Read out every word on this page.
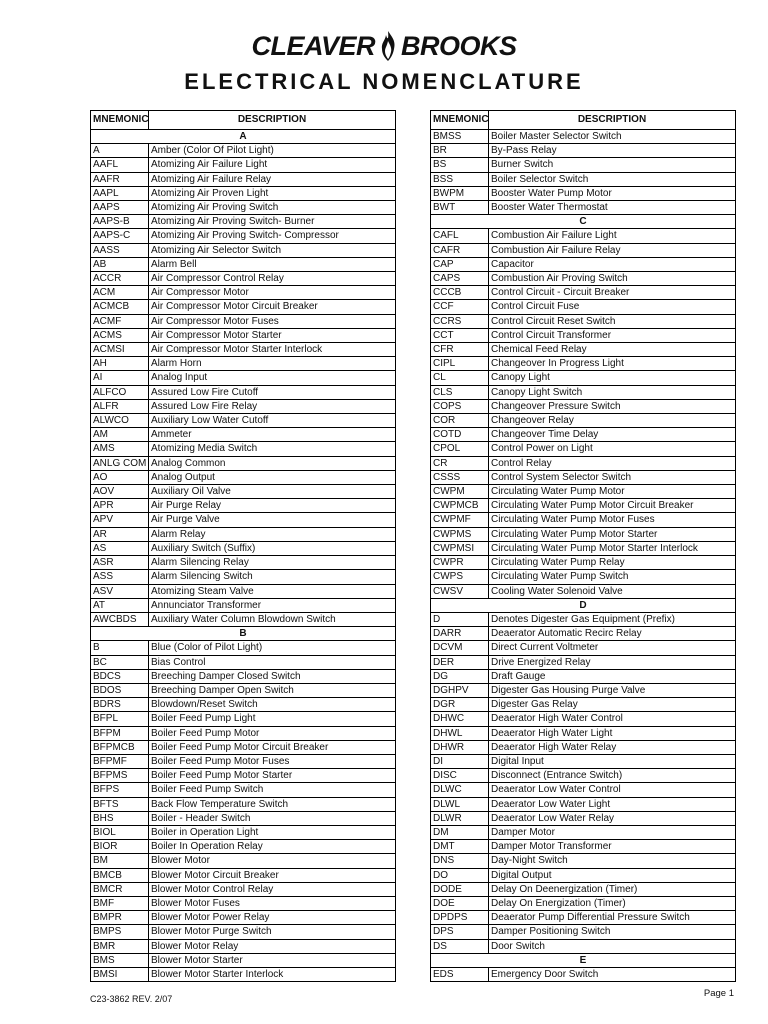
CLEAVER BROOKS
ELECTRICAL NOMENCLATURE
MNEMONIC	DESCRIPTION
A	
A	Amber (Color Of Pilot Light)
AAFL	Atomizing Air Failure Light
AAFR	Atomizing Air Failure Relay
AAPL	Atomizing Air Proven Light
AAPS	Atomizing Air Proving Switch
AAPS-B	Atomizing Air Proving Switch- Burner
AAPS-C	Atomizing Air Proving Switch- Compressor
AASS	Atomizing Air Selector Switch
AB	Alarm Bell
ACCR	Air Compressor Control Relay
ACM	Air Compressor Motor
ACMCB	Air Compressor Motor Circuit Breaker
ACMF	Air Compressor Motor Fuses
ACMS	Air Compressor Motor Starter
ACMSI	Air Compressor Motor Starter Interlock
AH	Alarm Horn
AI	Analog Input
ALFCO	Assured Low Fire Cutoff
ALFR	Assured Low Fire Relay
ALWCO	Auxiliary Low Water Cutoff
AM	Ammeter
AMS	Atomizing Media Switch
ANLG COM	Analog Common
AO	Analog Output
AOV	Auxiliary Oil Valve
APR	Air Purge Relay
APV	Air Purge Valve
AR	Alarm Relay
AS	Auxiliary Switch (Suffix)
ASR	Alarm Silencing Relay
ASS	Alarm Silencing Switch
ASV	Atomizing Steam Valve
AT	Annunciator Transformer
AWCBDS	Auxiliary Water Column Blowdown Switch
B	
B	Blue (Color of Pilot Light)
BC	Bias Control
BDCS	Breeching Damper Closed Switch
BDOS	Breeching Damper Open Switch
BDRS	Blowdown/Reset Switch
BFPL	Boiler Feed Pump Light
BFPM	Boiler Feed Pump Motor
BFPMCB	Boiler Feed Pump Motor Circuit Breaker
BFPMF	Boiler Feed Pump Motor Fuses
BFPMS	Boiler Feed Pump Motor Starter
BFPS	Boiler Feed Pump Switch
BFTS	Back Flow Temperature Switch
BHS	Boiler - Header Switch
BIOL	Boiler in Operation Light
BIOR	Boiler In Operation Relay
BM	Blower Motor
BMCB	Blower Motor Circuit Breaker
BMCR	Blower Motor Control Relay
BMF	Blower Motor Fuses
BMPR	Blower Motor Power Relay
BMPS	Blower Motor Purge Switch
BMR	Blower Motor Relay
BMS	Blower Motor Starter
BMSI	Blower Motor Starter Interlock
MNEMONIC	DESCRIPTION
BMSS	Boiler Master Selector Switch
BR	By-Pass Relay
BS	Burner Switch
BSS	Boiler Selector Switch
BWPM	Booster Water Pump Motor
BWT	Booster Water Thermostat
C	
CAFL	Combustion Air Failure Light
CAFR	Combustion Air Failure Relay
CAP	Capacitor
CAPS	Combustion Air Proving Switch
CCCB	Control Circuit - Circuit Breaker
CCF	Control Circuit Fuse
CCRS	Control Circuit Reset Switch
CCT	Control Circuit Transformer
CFR	Chemical Feed Relay
CIPL	Changeover In Progress Light
CL	Canopy Light
CLS	Canopy Light Switch
COPS	Changeover Pressure Switch
COR	Changeover Relay
COTD	Changeover Time Delay
CPOL	Control Power on Light
CR	Control Relay
CSSS	Control System Selector Switch
CWPM	Circulating Water Pump Motor
CWPMCB	Circulating Water Pump Motor Circuit Breaker
CWPMF	Circulating Water Pump Motor Fuses
CWPMS	Circulating Water Pump Motor Starter
CWPMSI	Circulating Water Pump Motor Starter Interlock
CWPR	Circulating Water Pump Relay
CWPS	Circulating Water Pump Switch
CWSV	Cooling Water Solenoid Valve
D	
D	Denotes Digester Gas Equipment (Prefix)
DARR	Deaerator Automatic Recirc Relay
DCVM	Direct Current Voltmeter
DER	Drive Energized Relay
DG	Draft Gauge
DGHPV	Digester Gas Housing Purge Valve
DGR	Digester Gas Relay
DHWC	Deaerator High Water Control
DHWL	Deaerator High Water Light
DHWR	Deaerator High Water Relay
DI	Digital Input
DISC	Disconnect (Entrance Switch)
DLWC	Deaerator Low Water Control
DLWL	Deaerator Low Water Light
DLWR	Deaerator Low Water Relay
DM	Damper Motor
DMT	Damper Motor Transformer
DNS	Day-Night Switch
DO	Digital Output
DODE	Delay On Deenergization (Timer)
DOE	Delay On Energization (Timer)
DPDPS	Deaerator Pump Differential Pressure Switch
DPS	Damper Positioning Switch
DS	Door Switch
E	
EDS	Emergency Door Switch
C23-3862 REV. 2/07	Page 1
